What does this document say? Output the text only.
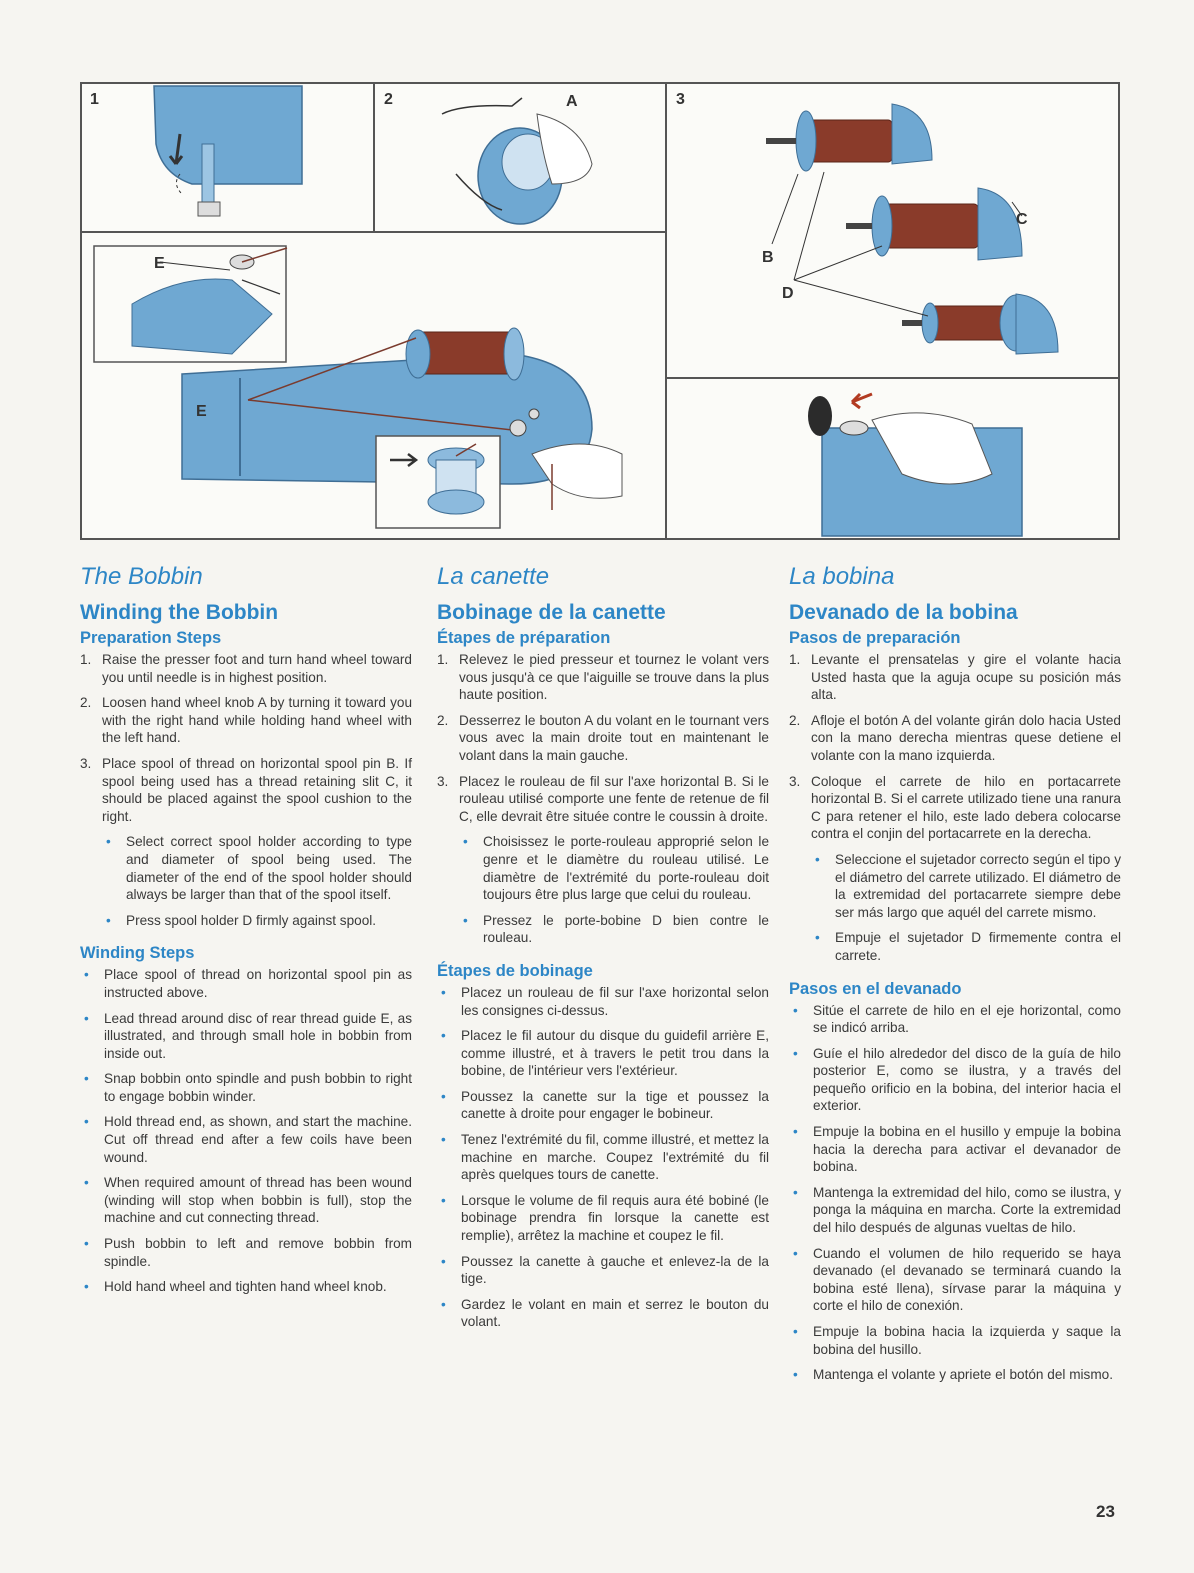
1	2	3
A
B
C
D
E
E
The Bobbin
Winding the Bobbin
Preparation Steps
1. Raise the presser foot and turn hand wheel toward you until needle is in highest position.
2. Loosen hand wheel knob A by turning it toward you with the right hand while holding hand wheel with the left hand.
3. Place spool of thread on horizontal spool pin B. If spool being used has a thread retaining slit C, it should be placed against the spool cushion to the right.
• Select correct spool holder according to type and diameter of spool being used. The diameter of the end of the spool holder should always be larger than that of the spool itself.
• Press spool holder D firmly against spool.
Winding Steps
• Place spool of thread on horizontal spool pin as instructed above.
• Lead thread around disc of rear thread guide E, as illustrated, and through small hole in bobbin from inside out.
• Snap bobbin onto spindle and push bobbin to right to engage bobbin winder.
• Hold thread end, as shown, and start the machine. Cut off thread end after a few coils have been wound.
• When required amount of thread has been wound (winding will stop when bobbin is full), stop the machine and cut connecting thread.
• Push bobbin to left and remove bobbin from spindle.
• Hold hand wheel and tighten hand wheel knob.
La canette
Bobinage de la canette
Étapes de préparation
1. Relevez le pied presseur et tournez le volant vers vous jusqu'à ce que l'aiguille se trouve dans la plus haute position.
2. Desserrez le bouton A du volant en le tournant vers vous avec la main droite tout en maintenant le volant dans la main gauche.
3. Placez le rouleau de fil sur l'axe horizontal B. Si le rouleau utilisé comporte une fente de retenue de fil C, elle devrait être située contre le coussin à droite.
• Choisissez le porte-rouleau approprié selon le genre et le diamètre du rouleau utilisé. Le diamètre de l'extrémité du porte-rouleau doit toujours être plus large que celui du rouleau.
• Pressez le porte-bobine D bien contre le rouleau.
Étapes de bobinage
• Placez un rouleau de fil sur l'axe horizontal selon les consignes ci-dessus.
• Placez le fil autour du disque du guidefil arrière E, comme illustré, et à travers le petit trou dans la bobine, de l'intérieur vers l'extérieur.
• Poussez la canette sur la tige et poussez la canette à droite pour engager le bobineur.
• Tenez l'extrémité du fil, comme illustré, et mettez la machine en marche. Coupez l'extrémité du fil après quelques tours de canette.
• Lorsque le volume de fil requis aura été bobiné (le bobinage prendra fin lorsque la canette est remplie), arrêtez la machine et coupez le fil.
• Poussez la canette à gauche et enlevez-la de la tige.
• Gardez le volant en main et serrez le bouton du volant.
La bobina
Devanado de la bobina
Pasos de preparación
1. Levante el prensatelas y gire el volante hacia Usted hasta que la aguja ocupe su posición más alta.
2. Afloje el botón A del volante girán dolo hacia Usted con la mano derecha mientras quese detiene el volante con la mano izquierda.
3. Coloque el carrete de hilo en portacarrete horizontal B. Si el carrete utilizado tiene una ranura C para retener el hilo, este lado debera colocarse contra el conjin del portacarrete en la derecha.
• Seleccione el sujetador correcto según el tipo y el diámetro del carrete utilizado. El diámetro de la extremidad del portacarrete siempre debe ser más largo que aquél del carrete mismo.
• Empuje el sujetador D firmemente contra el carrete.
Pasos en el devanado
• Sitúe el carrete de hilo en el eje horizontal, como se indicó arriba.
• Guíe el hilo alrededor del disco de la guía de hilo posterior E, como se ilustra, y a través del pequeño orificio en la bobina, del interior hacia el exterior.
• Empuje la bobina en el husillo y empuje la bobina hacia la derecha para activar el devanador de bobina.
• Mantenga la extremidad del hilo, como se ilustra, y ponga la máquina en marcha. Corte la extremidad del hilo después de algunas vueltas de hilo.
• Cuando el volumen de hilo requerido se haya devanado (el devanado se terminará cuando la bobina esté llena), sírvase parar la máquina y corte el hilo de conexión.
• Empuje la bobina hacia la izquierda y saque la bobina del husillo.
• Mantenga el volante y apriete el botón del mismo.
23
